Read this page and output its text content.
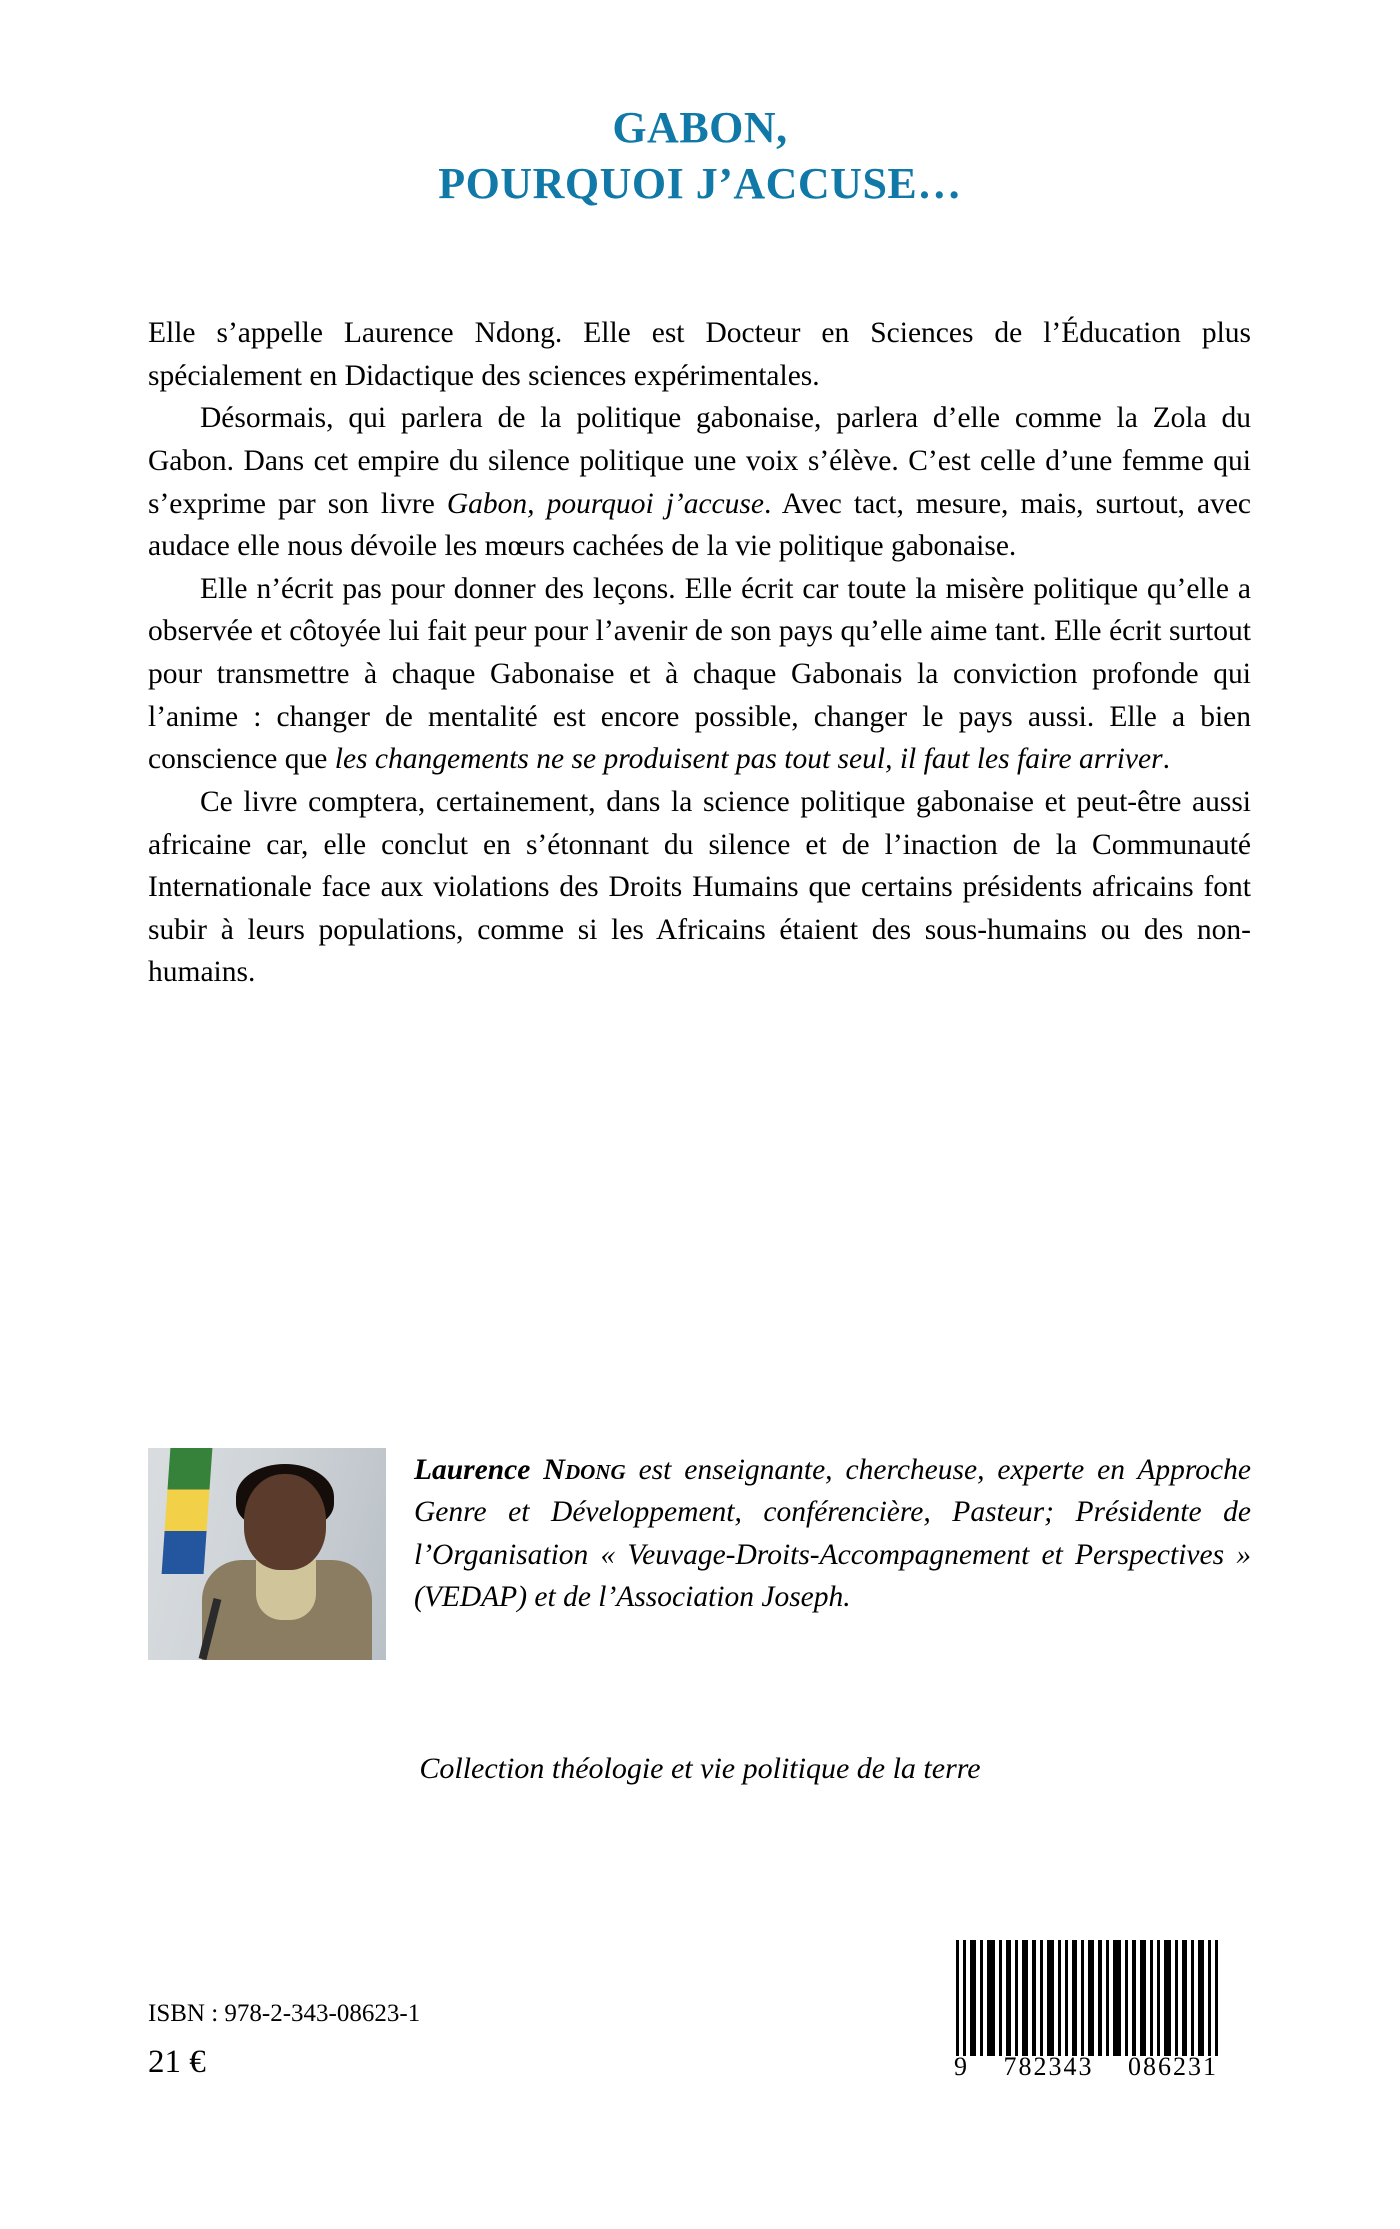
GABON,
POURQUOI J’ACCUSE…

Elle s’appelle Laurence Ndong. Elle est Docteur en Sciences de l’Éducation plus spécialement en Didactique des sciences expérimentales.

Désormais, qui parlera de la politique gabonaise, parlera d’elle comme la Zola du Gabon. Dans cet empire du silence politique une voix s’élève. C’est celle d’une femme qui s’exprime par son livre Gabon, pourquoi j’accuse. Avec tact, mesure, mais, surtout, avec audace elle nous dévoile les mœurs cachées de la vie politique gabonaise.

Elle n’écrit pas pour donner des leçons. Elle écrit car toute la misère politique qu’elle a observée et côtoyée lui fait peur pour l’avenir de son pays qu’elle aime tant. Elle écrit surtout pour transmettre à chaque Gabonaise et à chaque Gabonais la conviction profonde qui l’anime : changer de mentalité est encore possible, changer le pays aussi. Elle a bien conscience que les changements ne se produisent pas tout seul, il faut les faire arriver.

Ce livre comptera, certainement, dans la science politique gabonaise et peut-être aussi africaine car, elle conclut en s’étonnant du silence et de l’inaction de la Communauté Internationale face aux violations des Droits Humains que certains présidents africains font subir à leurs populations, comme si les Africains étaient des sous-humains ou des non-humains.

Laurence Ndong est enseignante, chercheuse, experte en Approche Genre et Développement, conférencière, Pasteur; Présidente de l’Organisation « Veuvage-Droits-Accompagnement et Perspectives » (VEDAP) et de l’Association Joseph.
Collection théologie et vie politique de la terre
ISBN : 978-2-343-08623-1
21 €	9 782343 086231
